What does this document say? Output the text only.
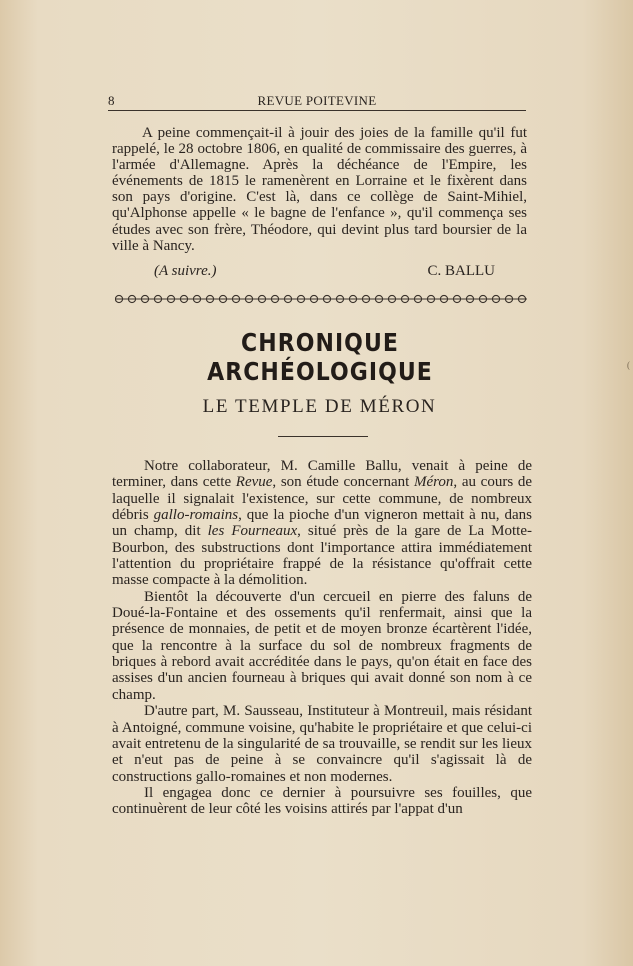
8	REVUE POITEVINE
A peine commençait-il à jouir des joies de la famille qu'il fut rappelé, le 28 octobre 1806, en qualité de commissaire des guerres, à l'armée d'Allemagne. Après la déchéance de l'Empire, les événements de 1815 le ramenèrent en Lorraine et le fixèrent dans son pays d'origine. C'est là, dans ce collège de Saint-Mihiel, qu'Alphonse appelle « le bagne de l'enfance », qu'il commença ses études avec son frère, Théodore, qui devint plus tard boursier de la ville à Nancy.
(A suivre.)	C. BALLU
CHRONIQUE ARCHÉOLOGIQUE
LE TEMPLE DE MÉRON

Notre collaborateur, M. Camille Ballu, venait à peine de terminer, dans cette Revue, son étude concernant Méron, au cours de laquelle il signalait l'existence, sur cette commune, de nombreux débris gallo-romains, que la pioche d'un vigneron mettait à nu, dans un champ, dit les Fourneaux, situé près de la gare de La Motte-Bourbon, des substructions dont l'importance attira immédiatement l'attention du propriétaire frappé de la résistance qu'offrait cette masse compacte à la démolition.

Bientôt la découverte d'un cercueil en pierre des faluns de Doué-la-Fontaine et des ossements qu'il renfermait, ainsi que la présence de monnaies, de petit et de moyen bronze écartèrent l'idée, que la rencontre à la surface du sol de nombreux fragments de briques à rebord avait accréditée dans le pays, qu'on était en face des assises d'un ancien fourneau à briques qui avait donné son nom à ce champ.

D'autre part, M. Sausseau, Instituteur à Montreuil, mais résidant à Antoigné, commune voisine, qu'habite le propriétaire et que celui-ci avait entretenu de la singularité de sa trouvaille, se rendit sur les lieux et n'eut pas de peine à se convaincre qu'il s'agissait là de constructions gallo-romaines et non modernes.

Il engagea donc ce dernier à poursuivre ses fouilles, que continuèrent de leur côté les voisins attirés par l'appat d'un

(
